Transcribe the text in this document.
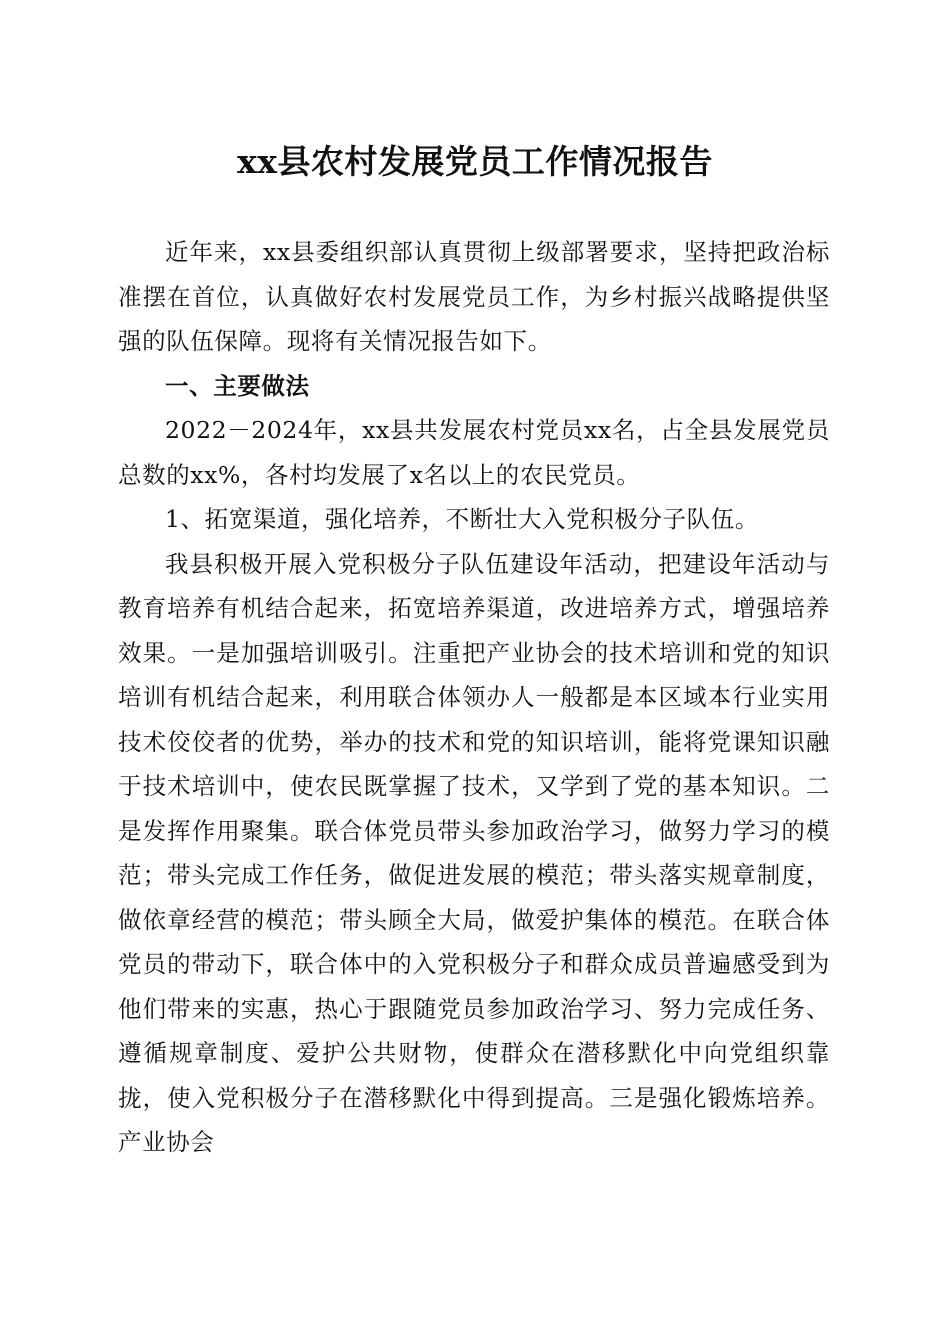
xx县农村发展党员工作情况报告

近年来，xx县委组织部认真贯彻上级部署要求，坚持把政治标准摆在首位，认真做好农村发展党员工作，为乡村振兴战略提供坚强的队伍保障。现将有关情况报告如下。

一、主要做法

2022－2024年，xx县共发展农村党员xx名，占全县发展党员总数的xx%，各村均发展了x名以上的农民党员。

1、拓宽渠道，强化培养，不断壮大入党积极分子队伍。

我县积极开展入党积极分子队伍建设年活动，把建设年活动与教育培养有机结合起来，拓宽培养渠道，改进培养方式，增强培养效果。一是加强培训吸引。注重把产业协会的技术培训和党的知识培训有机结合起来，利用联合体领办人一般都是本区域本行业实用技术佼佼者的优势，举办的技术和党的知识培训，能将党课知识融于技术培训中，使农民既掌握了技术，又学到了党的基本知识。二是发挥作用聚集。联合体党员带头参加政治学习，做努力学习的模范；带头完成工作任务，做促进发展的模范；带头落实规章制度，做依章经营的模范；带头顾全大局，做爱护集体的模范。在联合体党员的带动下，联合体中的入党积极分子和群众成员普遍感受到为他们带来的实惠，热心于跟随党员参加政治学习、努力完成任务、遵循规章制度、爱护公共财物，使群众在潜移默化中向党组织靠拢，使入党积极分子在潜移默化中得到提高。三是强化锻炼培养。产业协会
